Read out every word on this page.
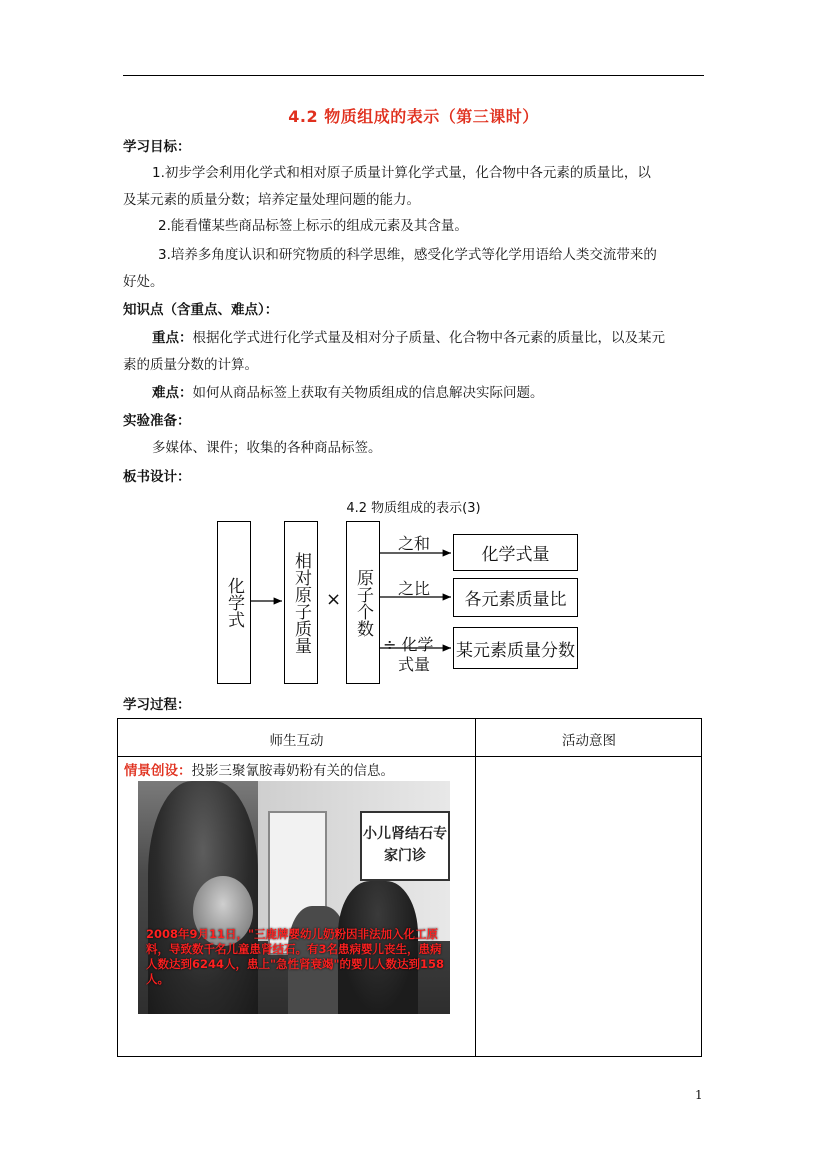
4.2 物质组成的表示（第三课时）
学习目标：
1.初步学会利用化学式和相对原子质量计算化学式量，化合物中各元素的质量比，以
及某元素的质量分数；培养定量处理问题的能力。
2.能看懂某些商品标签上标示的组成元素及其含量。
3.培养多角度认识和研究物质的科学思维，感受化学式等化学用语给人类交流带来的
好处。
知识点（含重点、难点）：
重点：根据化学式进行化学式量及相对分子质量、化合物中各元素的质量比，以及某元
素的质量分数的计算。
难点：如何从商品标签上获取有关物质组成的信息解决实际问题。
实验准备：
多媒体、课件；收集的各种商品标签。
板书设计：
4.2 物质组成的表示(3)
化学式	相对原子质量 × 原子个数
之和
之比
÷ 化学
式量
化学式量
各元素质量比
某元素质量分数
学习过程：
师生互动	活动意图
情景创设：投影三聚氰胺毒奶粉有关的信息。
小儿肾结石专家门诊
2008年9月11日，"三鹿牌婴幼儿奶粉因非法加入化工原料，导致数千名儿童患肾结石。有3名患病婴儿丧生，患病人数达到6244人，患上"急性肾衰竭"的婴儿人数达到158人。
1
